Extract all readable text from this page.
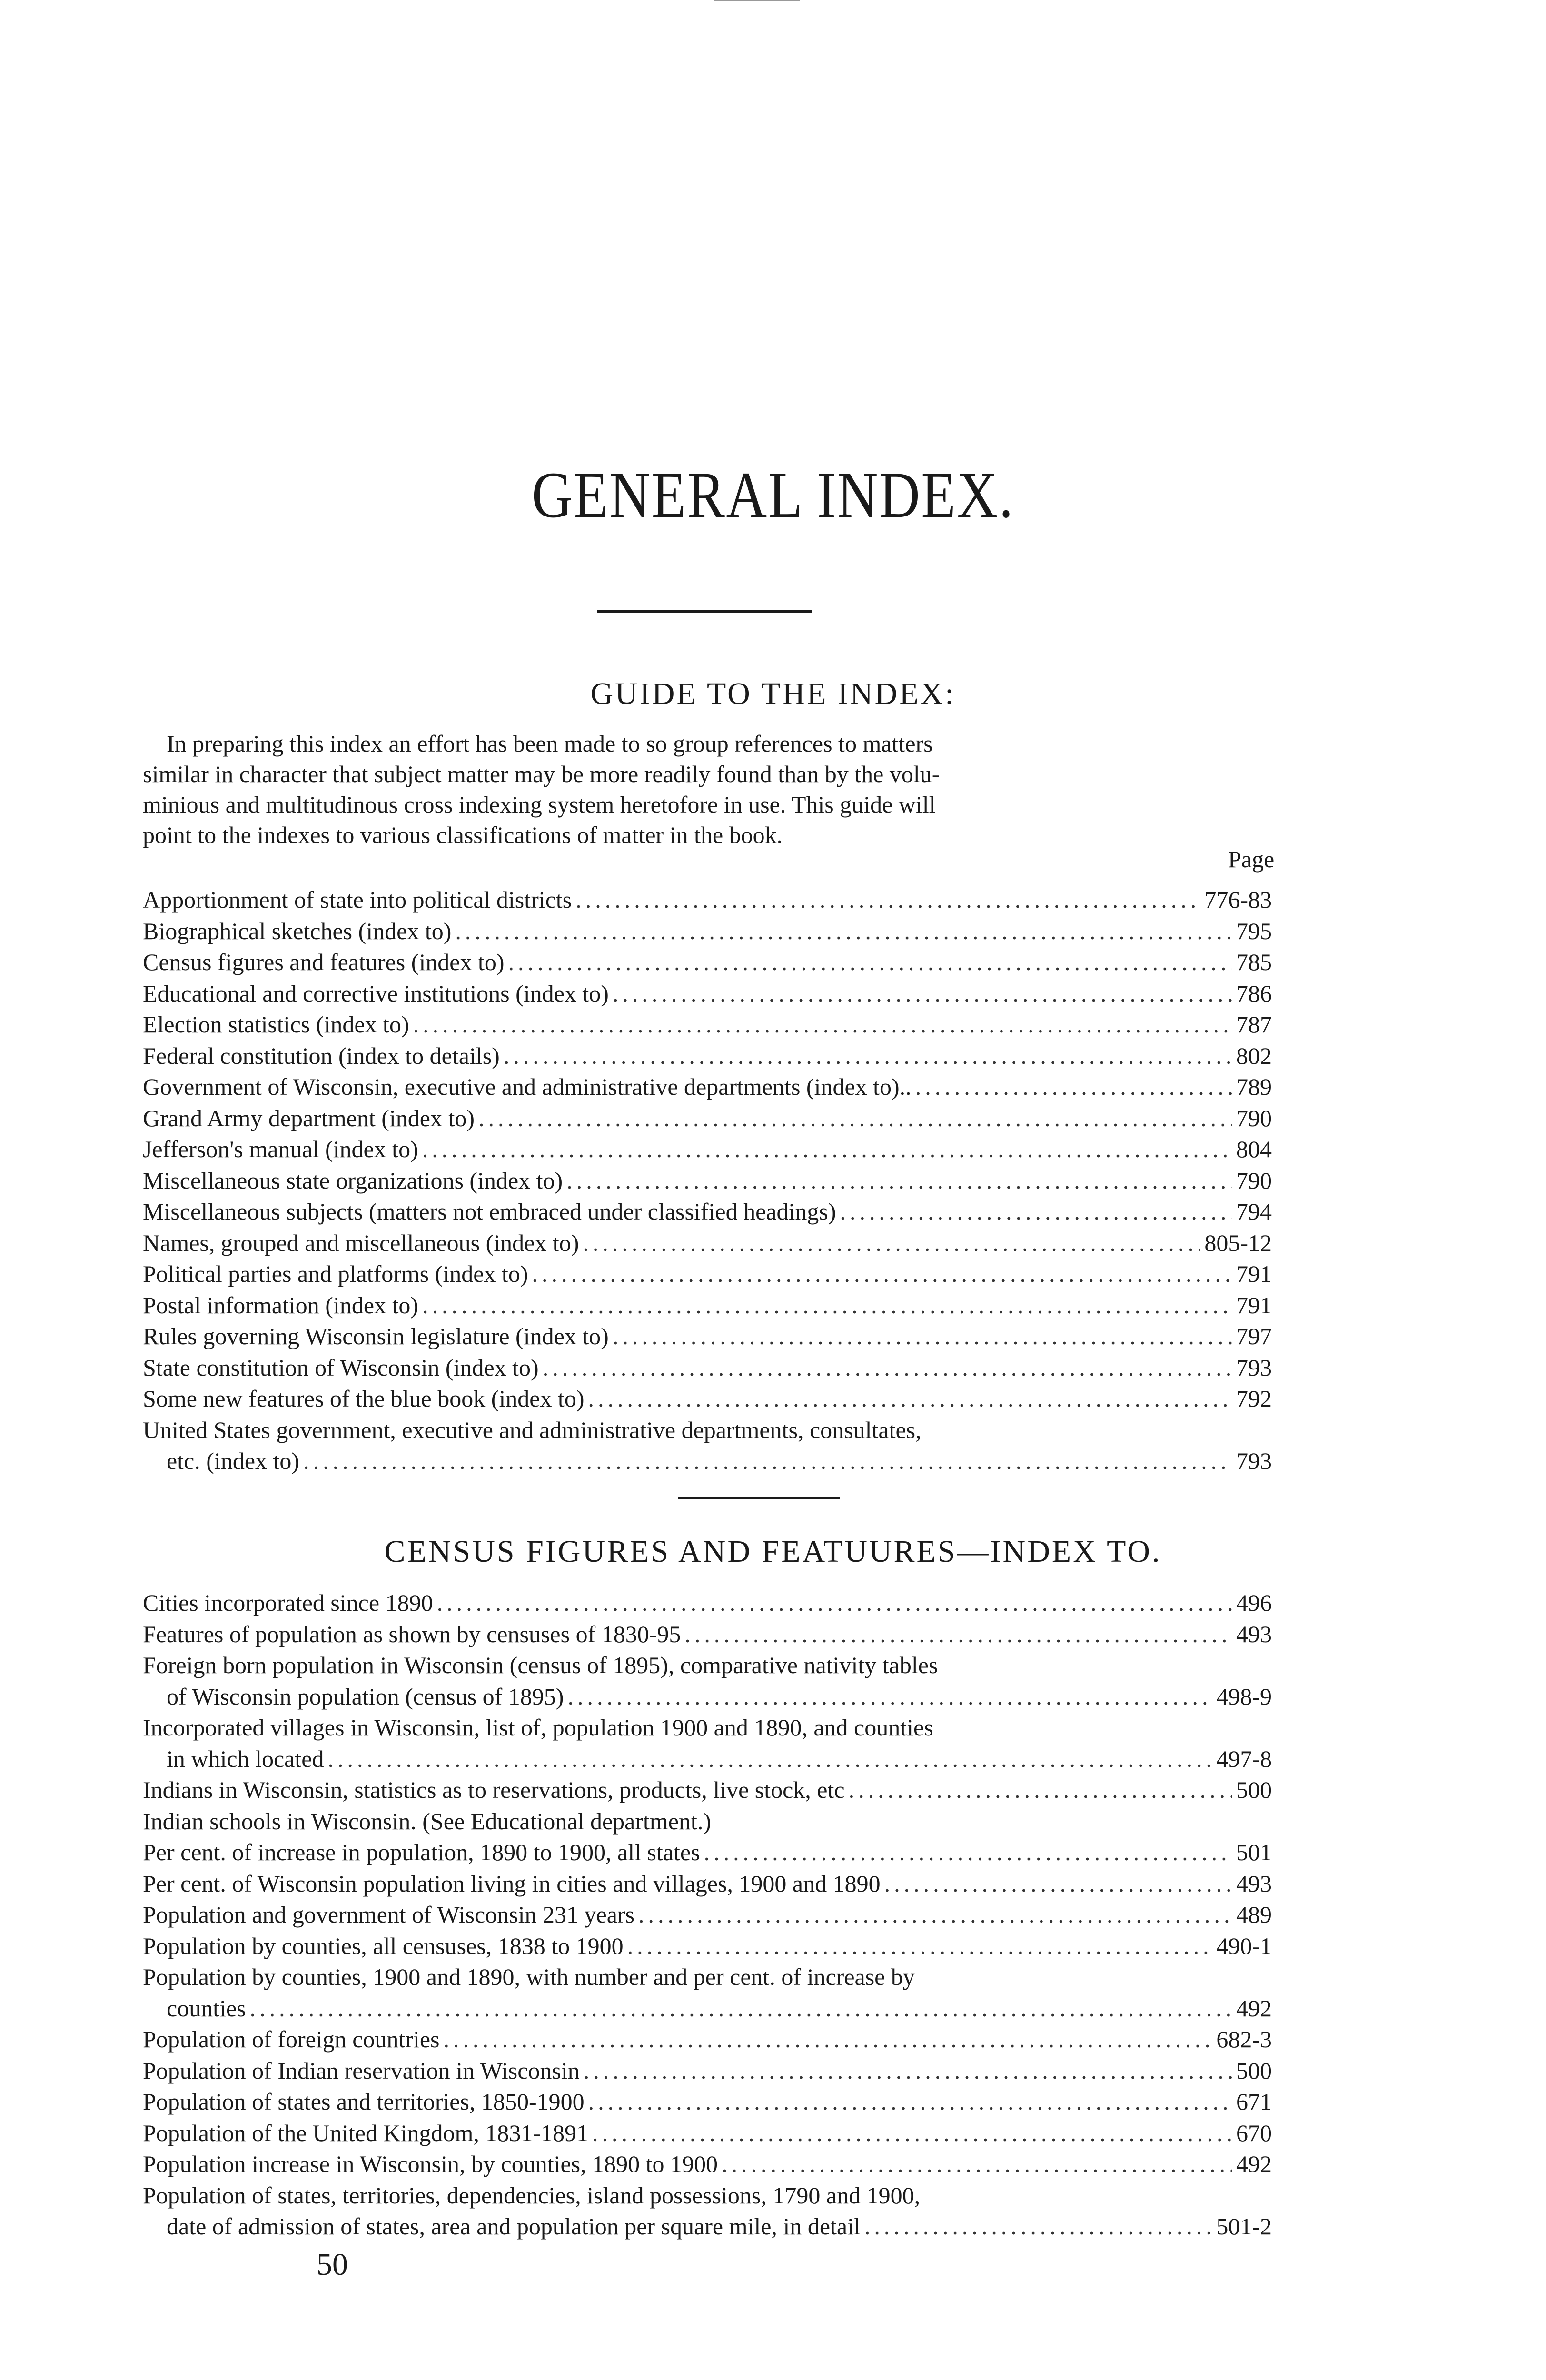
GENERAL INDEX.
GUIDE TO THE INDEX:
In preparing this index an effort has been made to so group references to matters
similar in character that subject matter may be more readily found than by the volu-
minious and multitudinous cross indexing system heretofore in use. This guide will
point to the indexes to various classifications of matter in the book.
Page
Apportionment of state into political districts .....	776-83
Biographical sketches (index to) .....	795
Census figures and features (index to) .....	785
Educational and corrective institutions (index to) .....	786
Election statistics (index to) .....	787
Federal constitution (index to details) .....	802
Government of Wisconsin, executive and administrative departments (index to).. .....	789
Grand Army department (index to) .....	790
Jefferson's manual (index to) .....	804
Miscellaneous state organizations (index to) .....	790
Miscellaneous subjects (matters not embraced under classified headings) .....	794
Names, grouped and miscellaneous (index to) .....	805-12
Political parties and platforms (index to) .....	791
Postal information (index to) .....	791
Rules governing Wisconsin legislature (index to) .....	797
State constitution of Wisconsin (index to) .....	793
Some new features of the blue book (index to) .....	792
United States government, executive and administrative departments, consultates,
etc. (index to) .....	793
CENSUS FIGURES AND FEATUURES—INDEX TO.
Cities incorporated since 1890 .....	496
Features of population as shown by censuses of 1830-95 .....	493
Foreign born population in Wisconsin (census of 1895), comparative nativity tables
of Wisconsin population (census of 1895) .....	498-9
Incorporated villages in Wisconsin, list of, population 1900 and 1890, and counties
in which located .....	497-8
Indians in Wisconsin, statistics as to reservations, products, live stock, etc .....	500
Indian schools in Wisconsin. (See Educational department.)
Per cent. of increase in population, 1890 to 1900, all states .....	501
Per cent. of Wisconsin population living in cities and villages, 1900 and 1890 .....	493
Population and government of Wisconsin 231 years .....	489
Population by counties, all censuses, 1838 to 1900 .....	490-1
Population by counties, 1900 and 1890, with number and per cent. of increase by
counties .....	492
Population of foreign countries .....	682-3
Population of Indian reservation in Wisconsin .....	500
Population of states and territories, 1850-1900 .....	671
Population of the United Kingdom, 1831-1891 .....	670
Population increase in Wisconsin, by counties, 1890 to 1900 .....	492
Population of states, territories, dependencies, island possessions, 1790 and 1900,
date of admission of states, area and population per square mile, in detail .....	501-2
50
